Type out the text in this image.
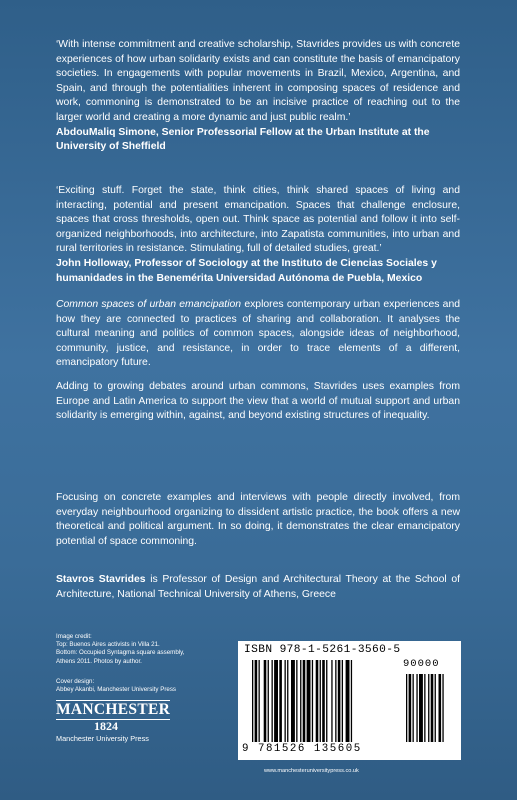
‘With intense commitment and creative scholarship, Stavrides provides us with concrete experiences of how urban solidarity exists and can constitute the basis of emancipatory societies. In engagements with popular movements in Brazil, Mexico, Argentina, and Spain, and through the potentialities inherent in composing spaces of residence and work, commoning is demonstrated to be an incisive practice of reaching out to the larger world and creating a more dynamic and just public realm.’
AbdouMaliq Simone, Senior Professorial Fellow at the Urban Institute at the University of Sheffield

‘Exciting stuff. Forget the state, think cities, think shared spaces of living and interacting, potential and present emancipation. Spaces that challenge enclosure, spaces that cross thresholds, open out. Think space as potential and follow it into self-organized neighborhoods, into architecture, into Zapatista communities, into urban and rural territories in resistance. Stimulating, full of detailed studies, great.’
John Holloway, Professor of Sociology at the Instituto de Ciencias Sociales y humanidades in the Benemérita Universidad Autónoma de Puebla, Mexico

Common spaces of urban emancipation explores contemporary urban experiences and how they are connected to practices of sharing and collaboration. It analyses the cultural meaning and politics of common spaces, alongside ideas of neighborhood, community, justice, and resistance, in order to trace elements of a different, emancipatory future.

Adding to growing debates around urban commons, Stavrides uses examples from Europe and Latin America to support the view that a world of mutual support and urban solidarity is emerging within, against, and beyond existing structures of inequality.

Focusing on concrete examples and interviews with people directly involved, from everyday neighbourhood organizing to dissident artistic practice, the book offers a new theoretical and political argument. In so doing, it demonstrates the clear emancipatory potential of space commoning.

Stavros Stavrides is Professor of Design and Architectural Theory at the School of Architecture, National Technical University of Athens, Greece

Image credit:
Top: Buenos Aires activists in Villa 21.
Bottom: Occupied Syntagma square assembly,
Athens 2011. Photos by author.
Cover design:
Abbey Akanbi, Manchester University Press
MANCHESTER
1824
Manchester University Press
ISBN 978-1-5261-3560-5
90000
9 781526 135605
www.manchesteruniversitypress.co.uk
